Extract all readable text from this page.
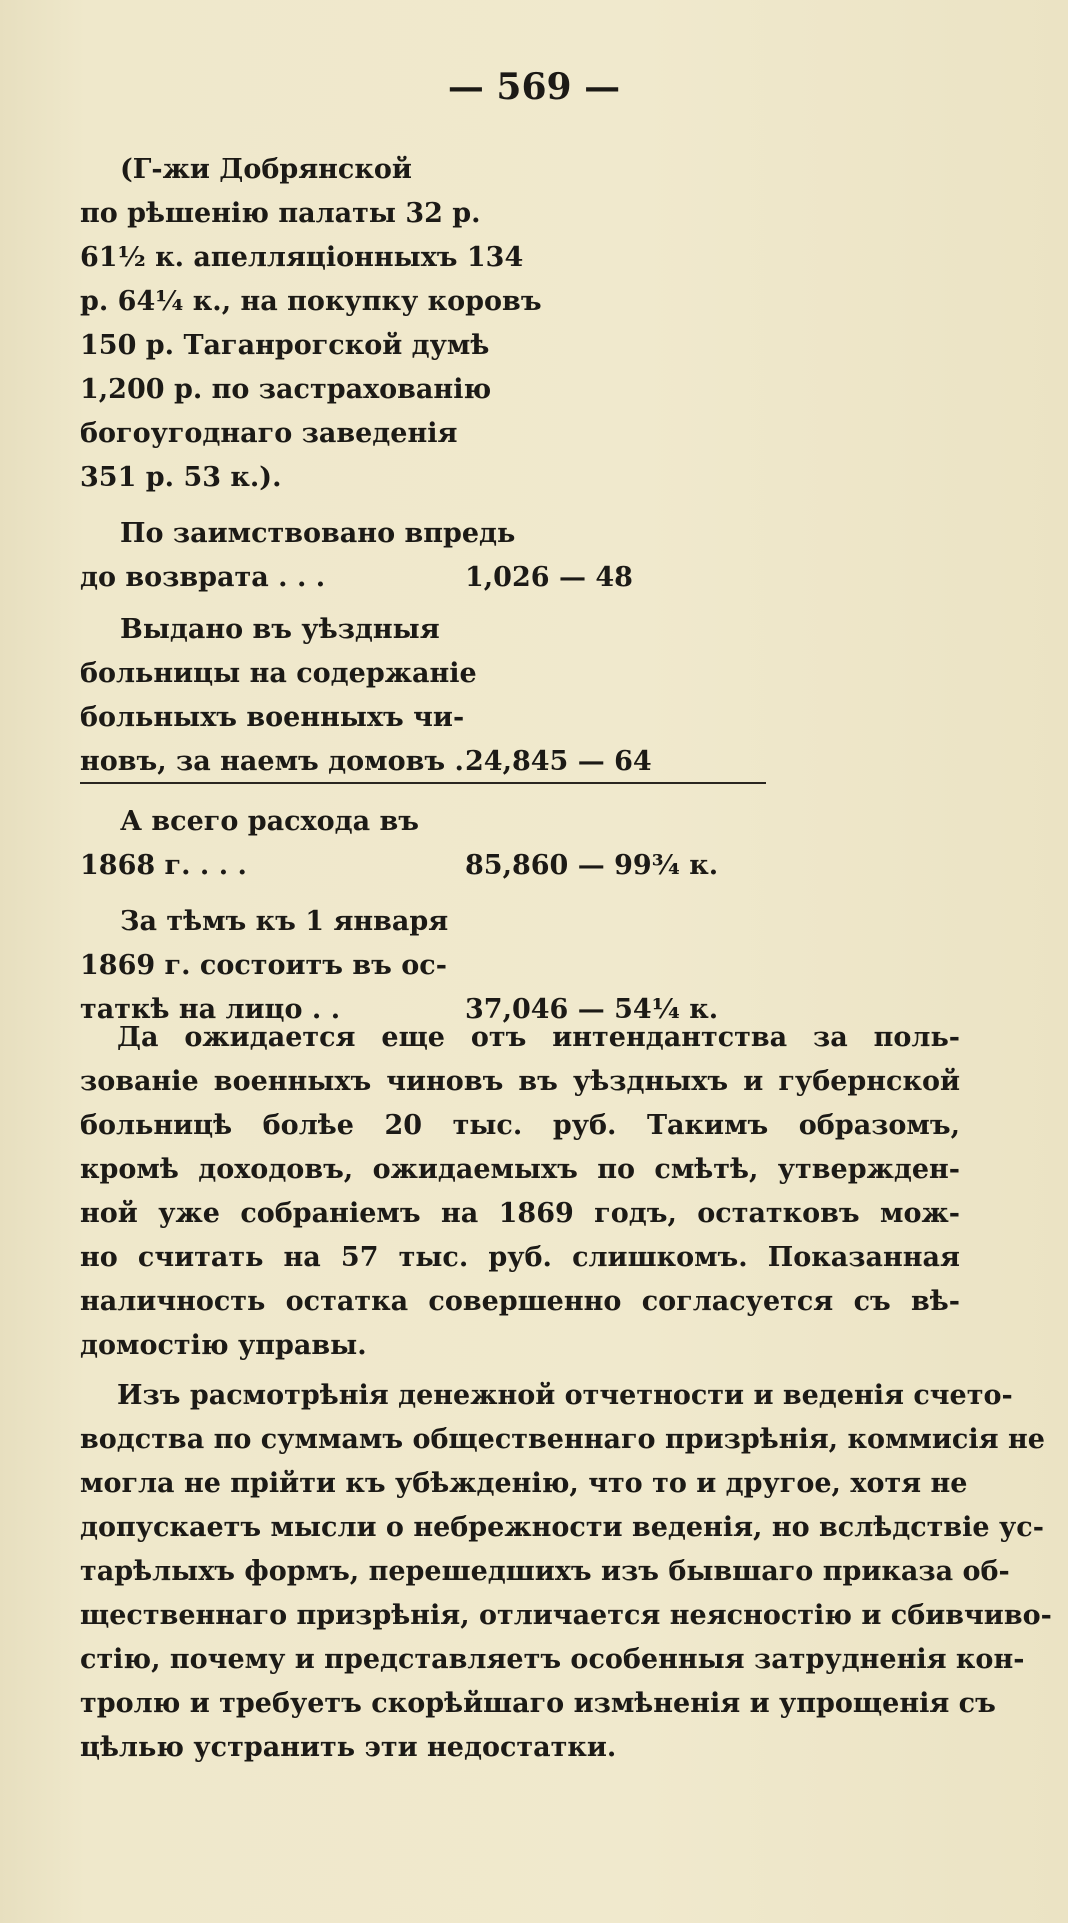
— 569 —
(Г-жи Добрянской
по рѣшенію палаты 32 р.
61½ к. апелляціонныхъ 134
р. 64¼ к., на покупку коровъ
150 р. Таганрогской думѣ
1,200 р. по застрахованію
богоугоднаго заведенія
351 р. 53 к.).
По заимствовано впредь
до возврата . . .
Выдано въ уѣздныя
больницы на содержаніе
больныхъ военныхъ чи-
новъ, за наемъ домовъ .
А всего расхода въ
1868 г. . . .
За тѣмъ къ 1 января
1869 г. состоитъ въ ос-
таткѣ на лицо . .
1,026 — 48
24,845 — 64
85,860 — 99¾ к.
37,046 — 54¼ к.
Да ожидается еще отъ интендантства за поль-
зованіе военныхъ чиновъ въ уѣздныхъ и губернской
больницѣ болѣе 20 тыс. руб. Такимъ образомъ,
кромѣ доходовъ, ожидаемыхъ по смѣтѣ, утвержден-
ной уже собраніемъ на 1869 годъ, остатковъ мож-
но считать на 57 тыс. руб. слишкомъ. Показанная
наличность остатка совершенно согласуется съ вѣ-
домостію управы.
Изъ расмотрѣнія денежной отчетности и веденія счето-
водства по суммамъ общественнаго призрѣнія, коммисія не
могла не прійти къ убѣжденію, что то и другое, хотя не
допускаетъ мысли о небрежности веденія, но вслѣдствіе ус-
тарѣлыхъ формъ, перешедшихъ изъ бывшаго приказа об-
щественнаго призрѣнія, отличается неясностію и сбивчиво-
стію, почему и представляетъ особенныя затрудненія кон-
тролю и требуетъ скорѣйшаго измѣненія и упрощенія съ
цѣлью устранить эти недостатки.
